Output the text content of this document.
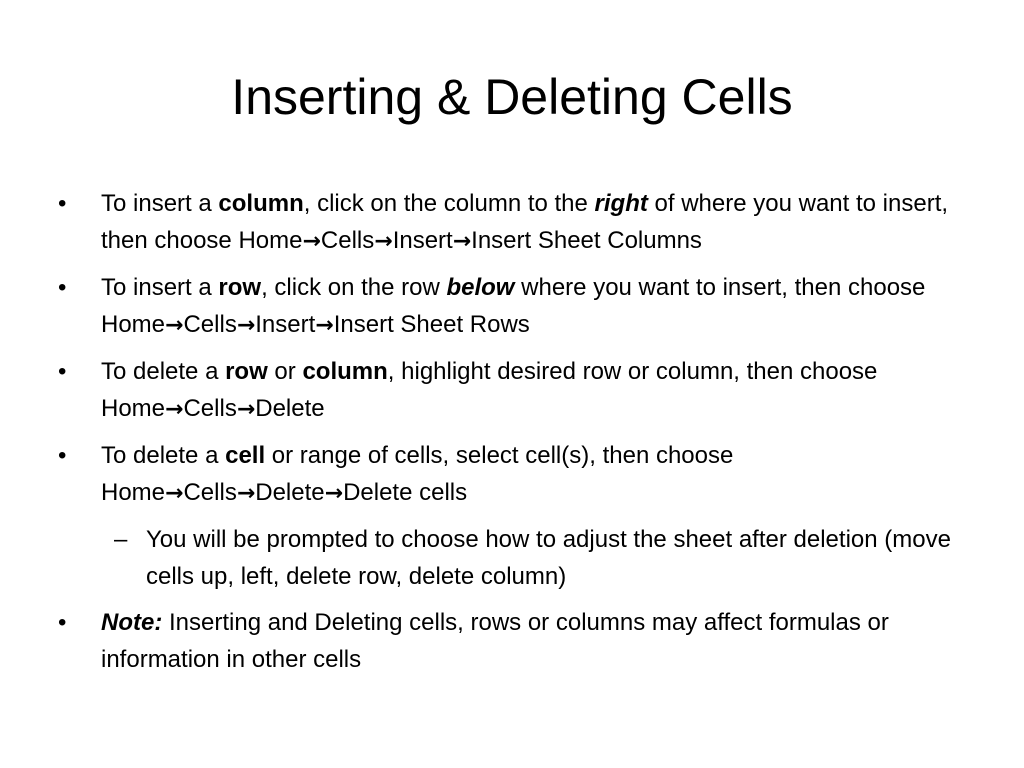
Inserting & Deleting Cells
• To insert a column, click on the column to the right of where you want to insert, then choose Home→Cells→Insert→Insert Sheet Columns
• To insert a row, click on the row below where you want to insert, then choose Home→Cells→Insert→Insert Sheet Rows
• To delete a row or column, highlight desired row or column, then choose Home→Cells→Delete
• To delete a cell or range of cells, select cell(s), then choose Home→Cells→Delete→Delete cells
– You will be prompted to choose how to adjust the sheet after deletion (move cells up, left, delete row, delete column)
• Note: Inserting and Deleting cells, rows or columns may affect formulas or information in other cells
